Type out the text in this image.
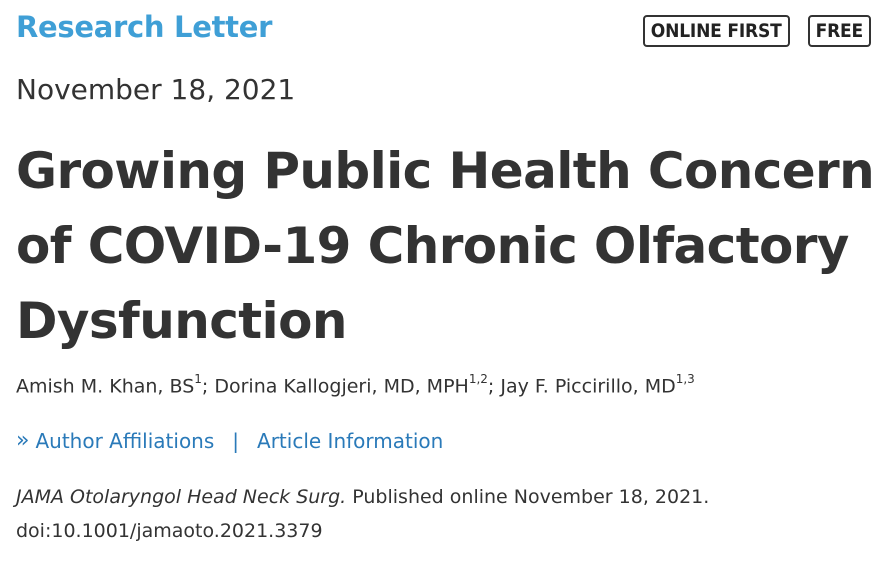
Research Letter	ONLINE FIRST	FREE
November 18, 2021
Growing Public Health Concern
of COVID-19 Chronic Olfactory
Dysfunction
Amish M. Khan, $BS^1$; Dorina Kallogjeri, MD, MPH$^{1,2}$; Jay F. Piccirillo, MD$^{1,3}$
» Author Affiliations | Article Information
JAMA Otolaryngol Head Neck Surg. Published online November 18, 2021.
doi:10.1001/jamaoto.2021.3379
